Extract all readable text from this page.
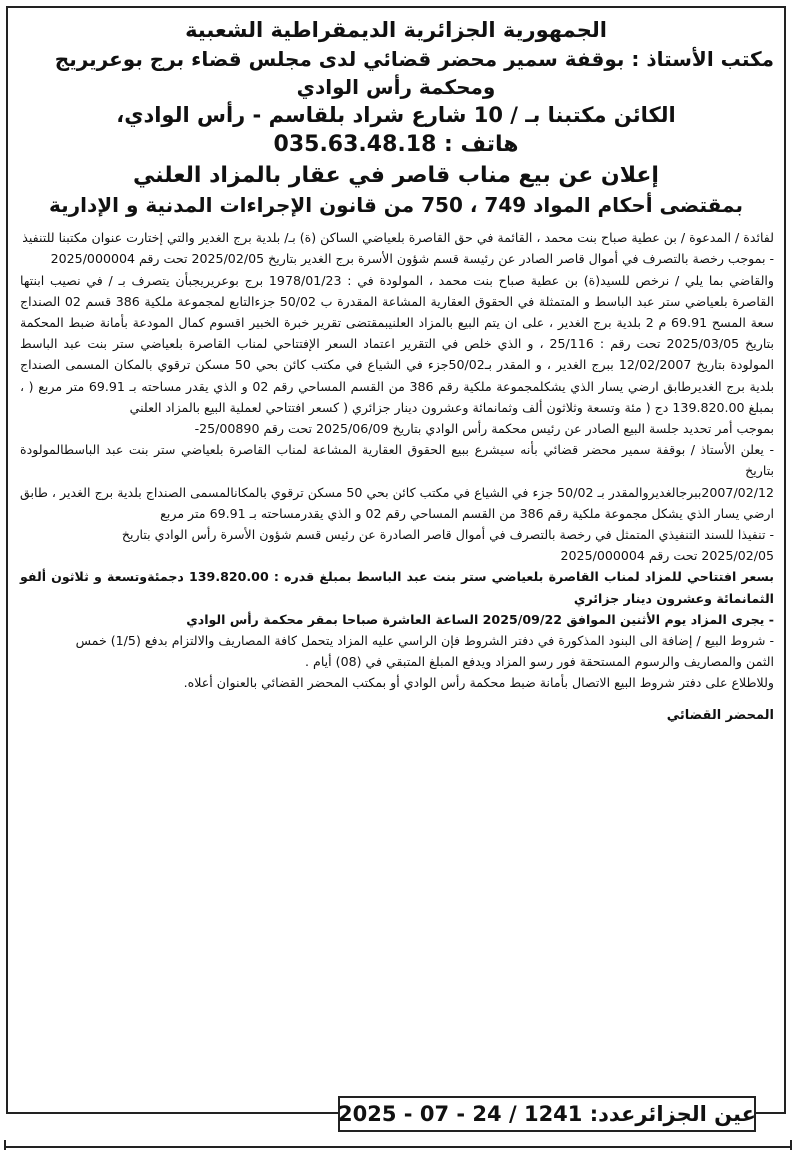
الجمهورية الجزائرية الديمقراطية الشعبية
مكتب الأستاذ : بوقفة سمير محضر قضائي لدى مجلس قضاء برج بوعريريج
ومحكمة رأس الوادي
الكائن مكتبنا بـ / 10 شارع شراد بلقاسم - رأس الوادي،
هاتف : 035.63.48.18
إعلان عن بيع مناب قاصر في عقار بالمزاد العلني
بمقتضى أحكام المواد 749 ، 750 من قانون الإجراءات المدنية و الإدارية

لفائدة / المدعوة / بن عطية صباح بنت محمد ، القائمة في حق القاصرة بلعياضي الساكن (ة) بـ/ بلدية برج الغدير والتي إختارت عنوان مكتبنا للتنفيذ

- بموجب رخصة بالتصرف في أموال قاصر الصادر عن رئيسة قسم شؤون الأسرة برج الغدير بتاريخ 2025/02/05 تحت رقم 2025/000004

والقاضي بما يلي / نرخص للسيد(ة) بن عطية صباح بنت محمد ، المولودة في : 1978/01/23 برج بوعريريجبأن يتصرف بـ / في نصيب ابنتها القاصرة بلعياضي ستر عبد الباسط و المتمثلة في الحقوق العقارية المشاعة المقدرة ب 50/02 جزءالتابع لمجموعة ملكية 386 قسم 02 الصنداج سعة المسح 69.91 م 2 بلدية برج الغدير ، على ان يتم البيع بالمزاد العلنيبمقتضى تقرير خبرة الخبير اقسوم كمال المودعة بأمانة ضبط المحكمة بتاريخ 2025/03/05 تحت رقم : 25/116 ، و الذي خلص في التقرير اعتماد السعر الإفتتاحي لمناب القاصرة بلعياضي ستر بنت عبد الباسط المولودة بتاريخ 12/02/2007 ببرج الغدير ، و المقدر بـ50/02جزء في الشياع في مكتب كائن بحي 50 مسكن ترقوي بالمكان المسمى الصنداج بلدية برج الغديرطابق ارضي يسار الذي يشكلمجموعة ملكية رقم 386 من القسم المساحي رقم 02 و الذي يقدر مساحته بـ 69.91 متر مربع ( ، بمبلغ 139.820.00 دج ( مئة وتسعة وثلاثون ألف وثمانمائة وعشرون دينار جزائري ( كسعر افتتاحي لعملية البيع بالمزاد العلني

بموجب أمر تحديد جلسة البيع الصادر عن رئيس محكمة رأس الوادي بتاريخ 2025/06/09 تحت رقم 25/00890-

- يعلن الأستاذ / بوقفة سمير محضر قضائي بأنه سيشرع ببيع الحقوق العقارية المشاعة لمناب القاصرة بلعياضي ستر بنت عبد الباسطالمولودة بتاريخ

2007/02/12ببرجالغديروالمقدر بـ 50/02 جزء في الشياع في مكتب كائن بحي 50 مسكن ترقوي بالمكانالمسمى الصنداج بلدية برج الغدير ، طابق ارضي يسار الذي يشكل مجموعة ملكية رقم 386 من القسم المساحي رقم 02 و الذي يقدرمساحته بـ 69.91 متر مربع

- تنفيذا للسند التنفيذي المتمثل في رخصة بالتصرف في أموال قاصر الصادرة عن رئيس قسم شؤون الأسرة رأس الوادي بتاريخ

2025/02/05 تحت رقم 2025/000004

بسعر افتتاحي للمزاد لمناب القاصرة بلعياضي ستر بنت عبد الباسط بمبلغ قدره : 139.820.00 دجمئةوتسعة و ثلاثون ألفو الثمانمائة وعشرون دينار جزائري

- يجرى المزاد يوم الأثنين الموافق 2025/09/22 الساعة العاشرة صباحا بمقر محكمة رأس الوادي

- شروط البيع / إضافة الى البنود المذكورة في دفتر الشروط فإن الراسي عليه المزاد يتحمل كافة المصاريف والالتزام بدفع (1/5) خمس

الثمن والمصاريف والرسوم المستحقة فور رسو المزاد ويدفع المبلغ المتبقي في (08) أيام .

وللاطلاع على دفتر شروط البيع الاتصال بأمانة ضبط محكمة رأس الوادي أو بمكتب المحضر القضائي بالعنوان أعلاه.

المحضر القضائي
عين الجزائرعدد: 1241 / 24 - 07 - 2025
